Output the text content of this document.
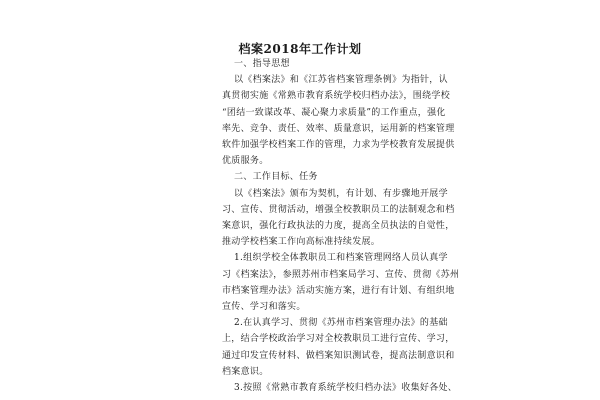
档案2018年工作计划
一、指导思想
以《档案法》和《江苏省档案管理条例》为指针，认
真贯彻实施《常熟市教育系统学校归档办法》，围绕学校
“团结一致谋改革、凝心聚力求质量”的工作重点，强化
率先、竞争、责任、效率、质量意识，运用新的档案管理
软件加强学校档案工作的管理，力求为学校教育发展提供
优质服务。
二、工作目标、任务
以《档案法》颁布为契机，有计划、有步骤地开展学
习、宣传、贯彻活动，增强全校教职员工的法制观念和档
案意识，强化行政执法的力度，提高全员执法的自觉性，
推动学校档案工作向高标准持续发展。
1.组织学校全体教职员工和档案管理网络人员认真学
习《档案法》，参照苏州市档案局学习、宣传、贯彻《苏州
市档案管理办法》活动实施方案，进行有计划、有组织地
宣传、学习和落实。
2.在认真学习、贯彻《苏州市档案管理办法》的基础
上，结合学校政治学习对全校教职员工进行宣传、学习，
通过印发宣传材料、做档案知识测试卷，提高法制意识和
档案意识。
3.按照《常熟市教育系统学校归档办法》收集好各处、
